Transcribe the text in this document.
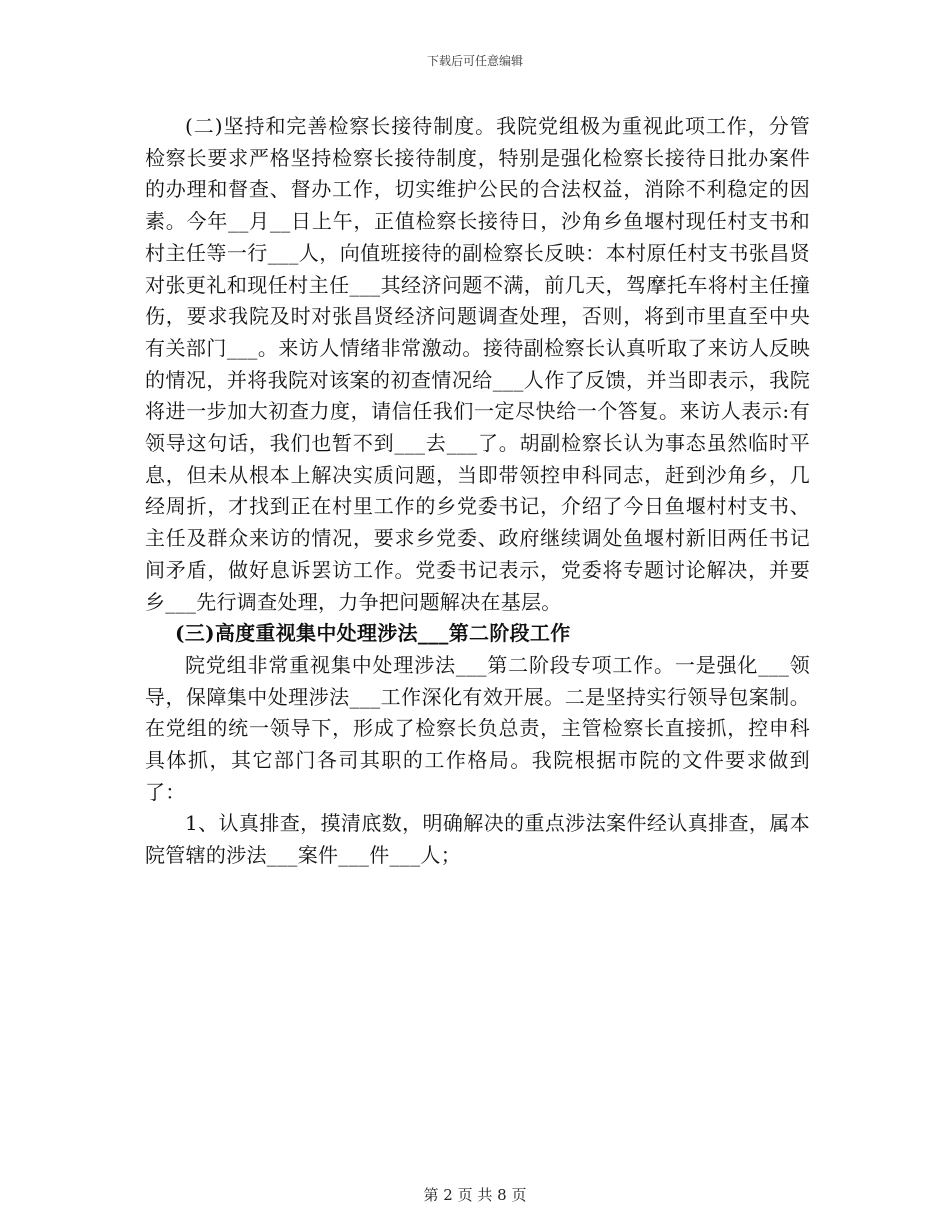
下载后可任意编辑

(二)坚持和完善检察长接待制度。我院党组极为重视此项工作，分管检察长要求严格坚持检察长接待制度，特别是强化检察长接待日批办案件的办理和督查、督办工作，切实维护公民的合法权益，消除不利稳定的因素。今年__月__日上午，正值检察长接待日，沙角乡鱼堰村现任村支书和村主任等一行___人，向值班接待的副检察长反映：本村原任村支书张昌贤对张更礼和现任村主任___其经济问题不满，前几天，驾摩托车将村主任撞伤，要求我院及时对张昌贤经济问题调查处理，否则，将到市里直至中央有关部门___。来访人情绪非常激动。接待副检察长认真听取了来访人反映的情况，并将我院对该案的初查情况给___人作了反馈，并当即表示，我院将进一步加大初查力度，请信任我们一定尽快给一个答复。来访人表示:有领导这句话，我们也暂不到___去___了。胡副检察长认为事态虽然临时平息，但未从根本上解决实质问题，当即带领控申科同志，赶到沙角乡，几经周折，才找到正在村里工作的乡党委书记，介绍了今日鱼堰村村支书、主任及群众来访的情况，要求乡党委、政府继续调处鱼堰村新旧两任书记间矛盾，做好息诉罢访工作。党委书记表示，党委将专题讨论解决，并要乡___先行调查处理，力争把问题解决在基层。

(三)高度重视集中处理涉法___第二阶段工作

院党组非常重视集中处理涉法___第二阶段专项工作。一是强化___领导，保障集中处理涉法___工作深化有效开展。二是坚持实行领导包案制。在党组的统一领导下，形成了检察长负总责，主管检察长直接抓，控申科具体抓，其它部门各司其职的工作格局。我院根据市院的文件要求做到了：

1、认真排查，摸清底数，明确解决的重点涉法案件经认真排查，属本院管辖的涉法___案件___件___人；

第 2 页 共 8 页
